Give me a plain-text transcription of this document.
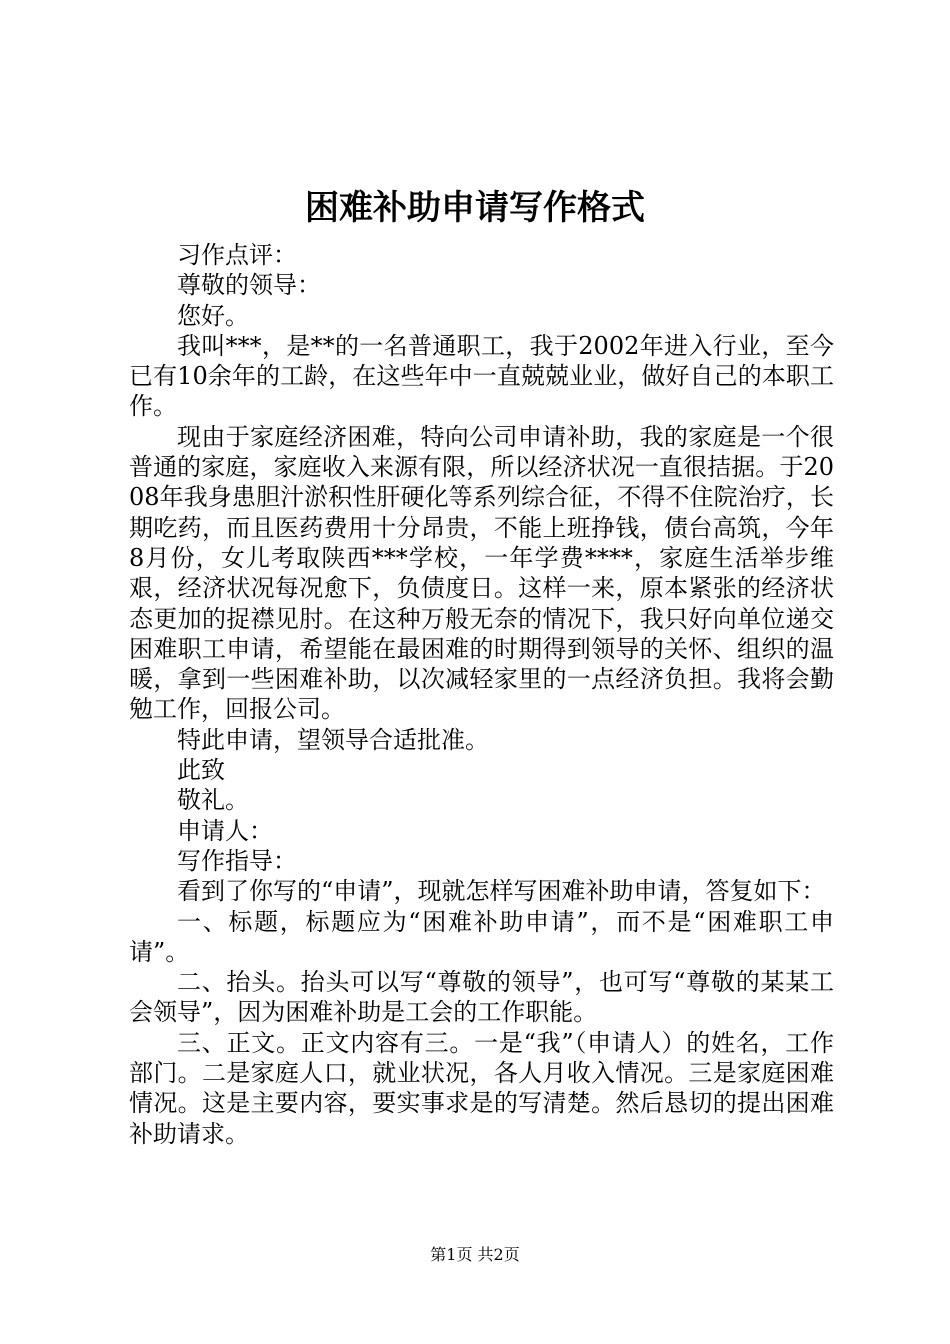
困难补助申请写作格式

习作点评：

尊敬的领导：

您好。

我叫***，是**的一名普通职工，我于2002年进入行业，至今已有10余年的工龄，在这些年中一直兢兢业业，做好自己的本职工作。

现由于家庭经济困难，特向公司申请补助，我的家庭是一个很普通的家庭，家庭收入来源有限，所以经济状况一直很拮据。于2008年我身患胆汁淤积性肝硬化等系列综合征，不得不住院治疗，长期吃药，而且医药费用十分昂贵，不能上班挣钱，债台高筑，今年8月份，女儿考取陕西***学校，一年学费****，家庭生活举步维艰，经济状况每况愈下，负债度日。这样一来，原本紧张的经济状态更加的捉襟见肘。在这种万般无奈的情况下，我只好向单位递交困难职工申请，希望能在最困难的时期得到领导的关怀、组织的温暖，拿到一些困难补助，以次减轻家里的一点经济负担。我将会勤勉工作，回报公司。

特此申请，望领导合适批准。

此致

敬礼。

申请人：

写作指导：

看到了你写的“申请”，现就怎样写困难补助申请，答复如下：

一、标题，标题应为“困难补助申请”，而不是“困难职工申请”。

二、抬头。抬头可以写“尊敬的领导”，也可写“尊敬的某某工会领导”，因为困难补助是工会的工作职能。

三、正文。正文内容有三。一是“我”（申请人）的姓名，工作部门。二是家庭人口，就业状况，各人月收入情况。三是家庭困难情况。这是主要内容，要实事求是的写清楚。然后恳切的提出困难补助请求。

第1页 共2页
